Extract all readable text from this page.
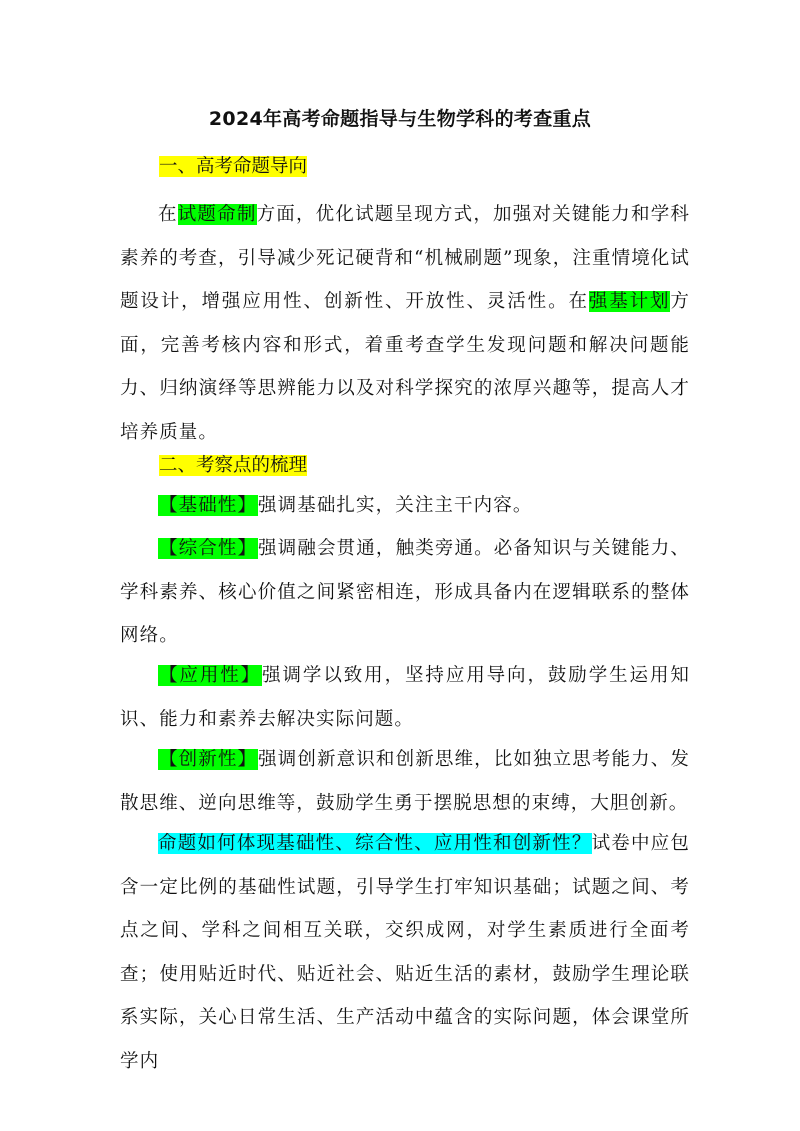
2024年高考命题指导与生物学科的考查重点
一、高考命题导向
在试题命制方面，优化试题呈现方式，加强对关键能力和学科素养的考查，引导减少死记硬背和“机械刷题”现象，注重情境化试题设计，增强应用性、创新性、开放性、灵活性。在强基计划方面，完善考核内容和形式，着重考查学生发现问题和解决问题能力、归纳演绎等思辨能力以及对科学探究的浓厚兴趣等，提高人才培养质量。
二、考察点的梳理
【基础性】强调基础扎实，关注主干内容。
【综合性】强调融会贯通，触类旁通。必备知识与关键能力、学科素养、核心价值之间紧密相连，形成具备内在逻辑联系的整体网络。
【应用性】强调学以致用，坚持应用导向，鼓励学生运用知识、能力和素养去解决实际问题。
【创新性】强调创新意识和创新思维，比如独立思考能力、发散思维、逆向思维等，鼓励学生勇于摆脱思想的束缚，大胆创新。
命题如何体现基础性、综合性、应用性和创新性？试卷中应包含一定比例的基础性试题，引导学生打牢知识基础；试题之间、考点之间、学科之间相互关联，交织成网，对学生素质进行全面考查；使用贴近时代、贴近社会、贴近生活的素材，鼓励学生理论联系实际，关心日常生活、生产活动中蕴含的实际问题，体会课堂所学内
